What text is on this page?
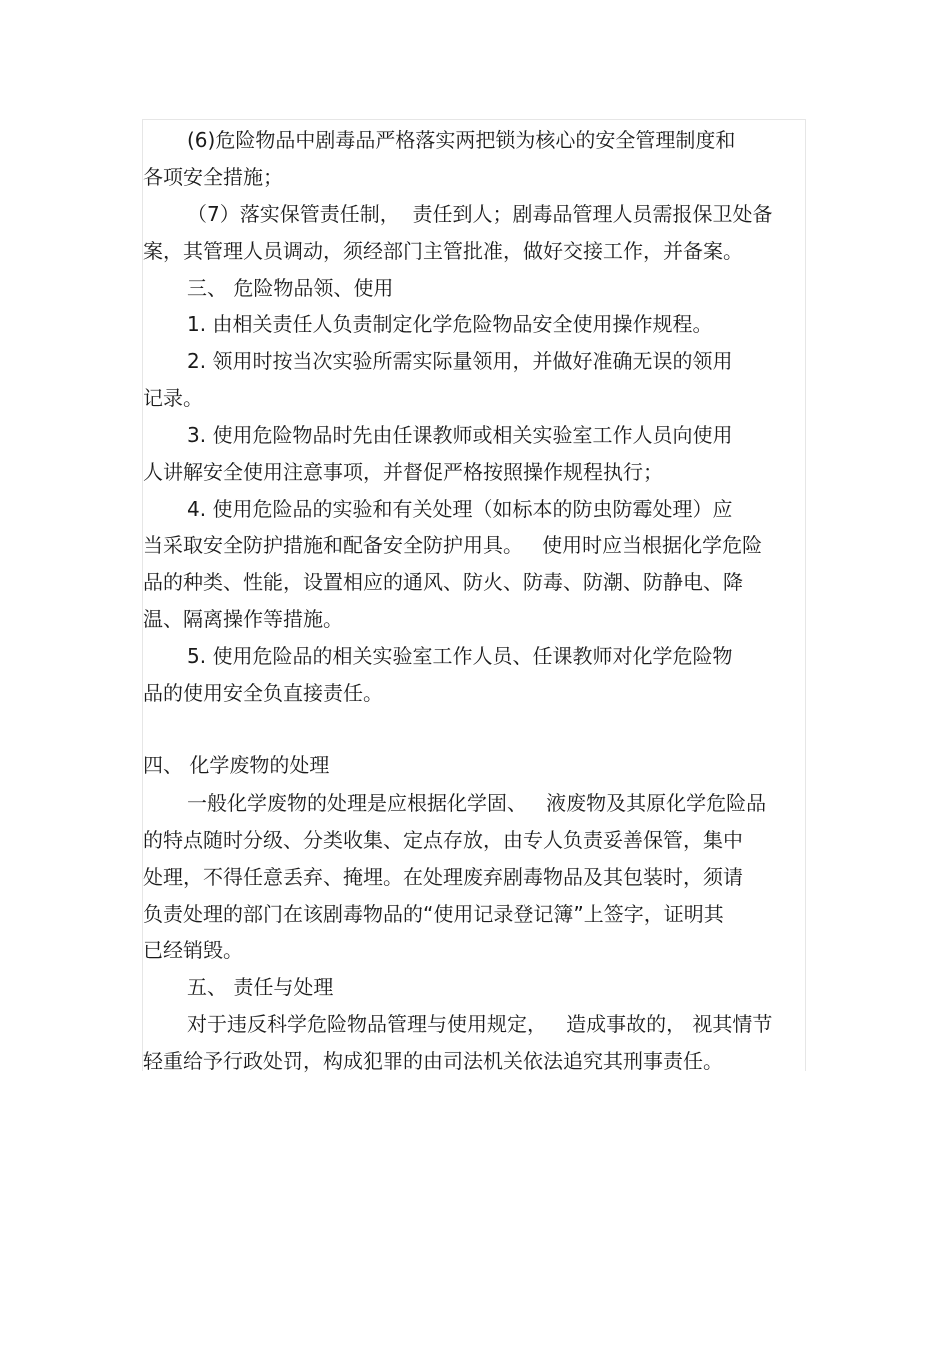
(6)危险物品中剧毒品严格落实两把锁为核心的安全管理制度和
各项安全措施；
（7）落实保管责任制，  责任到人；剧毒品管理人员需报保卫处备
案，其管理人员调动，须经部门主管批准，做好交接工作，并备案。
三、 危险物品领、使用
1. 由相关责任人负责制定化学危险物品安全使用操作规程。
2. 领用时按当次实验所需实际量领用，并做好准确无误的领用
记录。
3. 使用危险物品时先由任课教师或相关实验室工作人员向使用
人讲解安全使用注意事项，并督促严格按照操作规程执行；
4. 使用危险品的实验和有关处理（如标本的防虫防霉处理）应
当采取安全防护措施和配备安全防护用具。   使用时应当根据化学危险
品的种类、性能，设置相应的通风、防火、防毒、防潮、防静电、降
温、隔离操作等措施。
5. 使用危险品的相关实验室工作人员、任课教师对化学危险物
品的使用安全负直接责任。
四、 化学废物的处理
一般化学废物的处理是应根据化学固、   液废物及其原化学危险品
的特点随时分级、分类收集、定点存放，由专人负责妥善保管，集中
处理，不得任意丢弃、掩埋。在处理废弃剧毒物品及其包装时，须请
负责处理的部门在该剧毒物品的“使用记录登记簿”上签字，证明其
已经销毁。
五、 责任与处理
对于违反科学危险物品管理与使用规定，   造成事故的， 视其情节
轻重给予行政处罚，构成犯罪的由司法机关依法追究其刑事责任。
